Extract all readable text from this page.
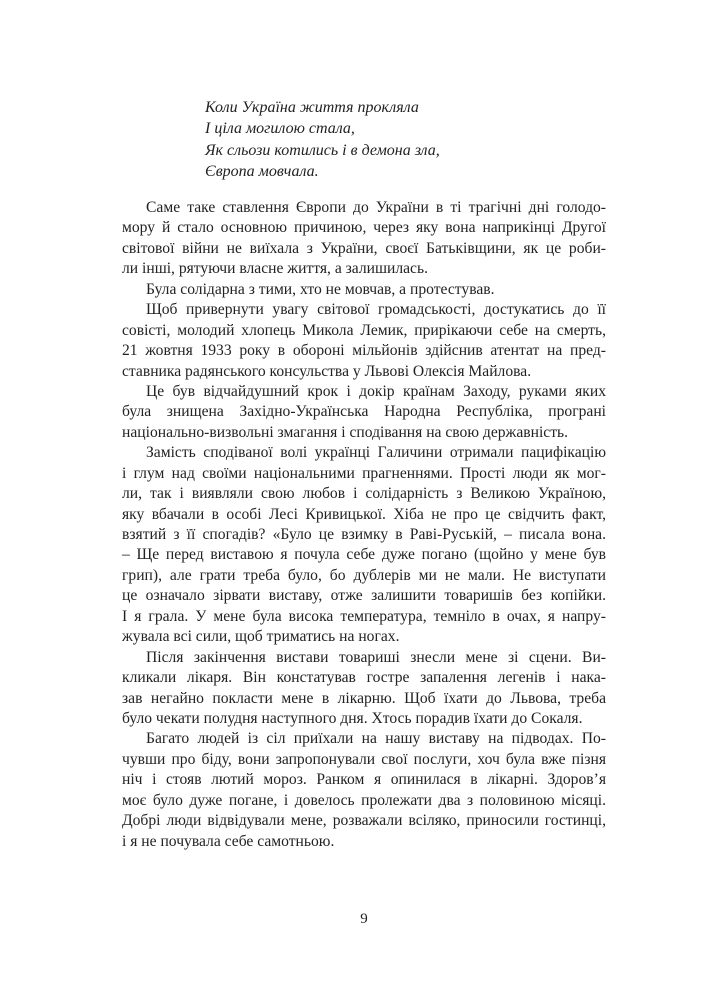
Коли Україна життя прокляла
І ціла могилою стала,
Як сльози котились і в демона зла,
Європа мовчала.
Саме таке ставлення Європи до України в ті трагічні дні голодо-
мору й стало основною причиною, через яку вона наприкінці Другої
світової війни не виїхала з України, своєї Батьківщини, як це роби-
ли інші, рятуючи власне життя, а залишилась.
Була солідарна з тими, хто не мовчав, а протестував.
Щоб привернути увагу світової громадськості, достукатись до її
совісті, молодий хлопець Микола Лемик, прирікаючи себе на смерть,
21 жовтня 1933 року в обороні мільйонів здійснив атентат на пред-
ставника радянського консульства у Львові Олексія Майлова.
Це був відчайдушний крок і докір країнам Заходу, руками яких
була знищена Західно-Українська Народна Республіка, програні
національно-визвольні змагання і сподівання на свою державність.
Замість сподіваної волі українці Галичини отримали пацифікацію
і глум над своїми національними прагненнями. Прості люди як мог-
ли, так і виявляли свою любов і солідарність з Великою Україною,
яку вбачали в особі Лесі Кривицької. Хіба не про це свідчить факт,
взятий з її спогадів? «Було це взимку в Раві-Руській, – писала вона.
– Ще перед виставою я почула себе дуже погано (щойно у мене був
грип), але грати треба було, бо дублерів ми не мали. Не виступати
це означало зірвати виставу, отже залишити товаришів без копійки.
І я грала. У мене була висока температура, темніло в очах, я напру-
жувала всі сили, щоб триматись на ногах.
Після закінчення вистави товариші знесли мене зі сцени. Ви-
кликали лікаря. Він констатував гостре запалення легенів і нака-
зав негайно покласти мене в лікарню. Щоб їхати до Львова, треба
було чекати полудня наступного дня. Хтось порадив їхати до Сокаля.
Багато людей із сіл приїхали на нашу виставу на підводах. По-
чувши про біду, вони запропонували свої послуги, хоч була вже пізня
ніч і стояв лютий мороз. Ранком я опинилася в лікарні. Здоров’я
моє було дуже погане, і довелось пролежати два з половиною місяці.
Добрі люди відвідували мене, розважали всіляко, приносили гостинці,
і я не почувала себе самотньою.
9
